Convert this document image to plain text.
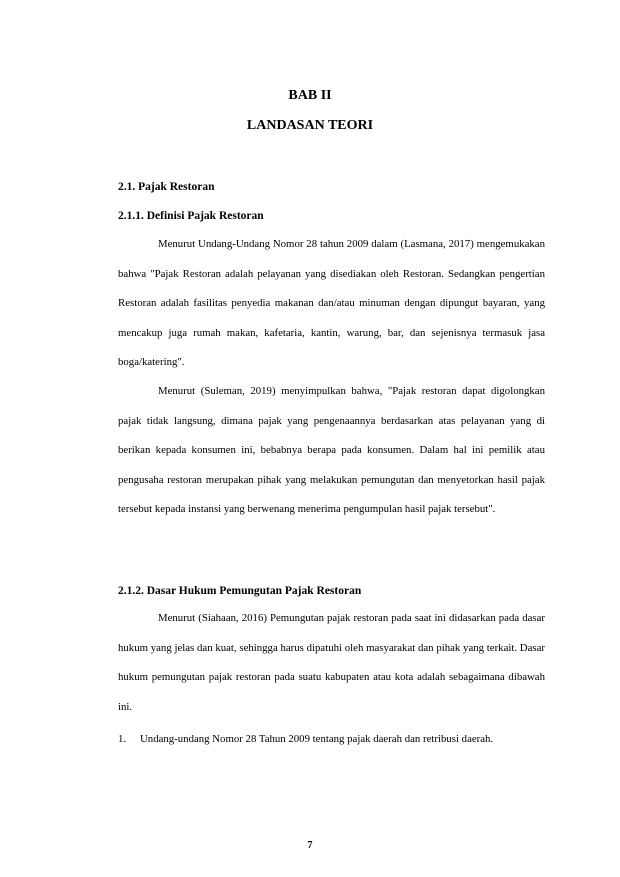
BAB II
LANDASAN TEORI
2.1. Pajak Restoran
2.1.1. Definisi Pajak Restoran

Menurut Undang-Undang Nomor 28 tahun 2009 dalam (Lasmana, 2017) mengemukakan bahwa "Pajak Restoran adalah pelayanan yang disediakan oleh Restoran. Sedangkan pengertian Restoran adalah fasilitas penyedia makanan dan/atau minuman dengan dipungut bayaran, yang mencakup juga rumah makan, kafetaria, kantin, warung, bar, dan sejenisnya termasuk jasa boga/katering".

Menurut (Suleman, 2019) menyimpulkan bahwa, "Pajak restoran dapat digolongkan pajak tidak langsung, dimana pajak yang pengenaannya berdasarkan atas pelayanan yang di berikan kepada konsumen ini, bebabnya berapa pada konsumen. Dalam hal ini pemilik atau pengusaha restoran merupakan pihak yang melakukan pemungutan dan menyetorkan hasil pajak tersebut kepada instansi yang berwenang menerima pengumpulan hasil pajak tersebut".

2.1.2. Dasar Hukum Pemungutan Pajak Restoran

Menurut (Siahaan, 2016) Pemungutan pajak restoran pada saat ini didasarkan pada dasar hukum yang jelas dan kuat, sehingga harus dipatuhi oleh masyarakat dan pihak yang terkait. Dasar hukum pemungutan pajak restoran pada suatu kabupaten atau kota adalah sebagaimana dibawah ini.

1. Undang-undang Nomor 28 Tahun 2009 tentang pajak daerah dan retribusi daerah.
7
